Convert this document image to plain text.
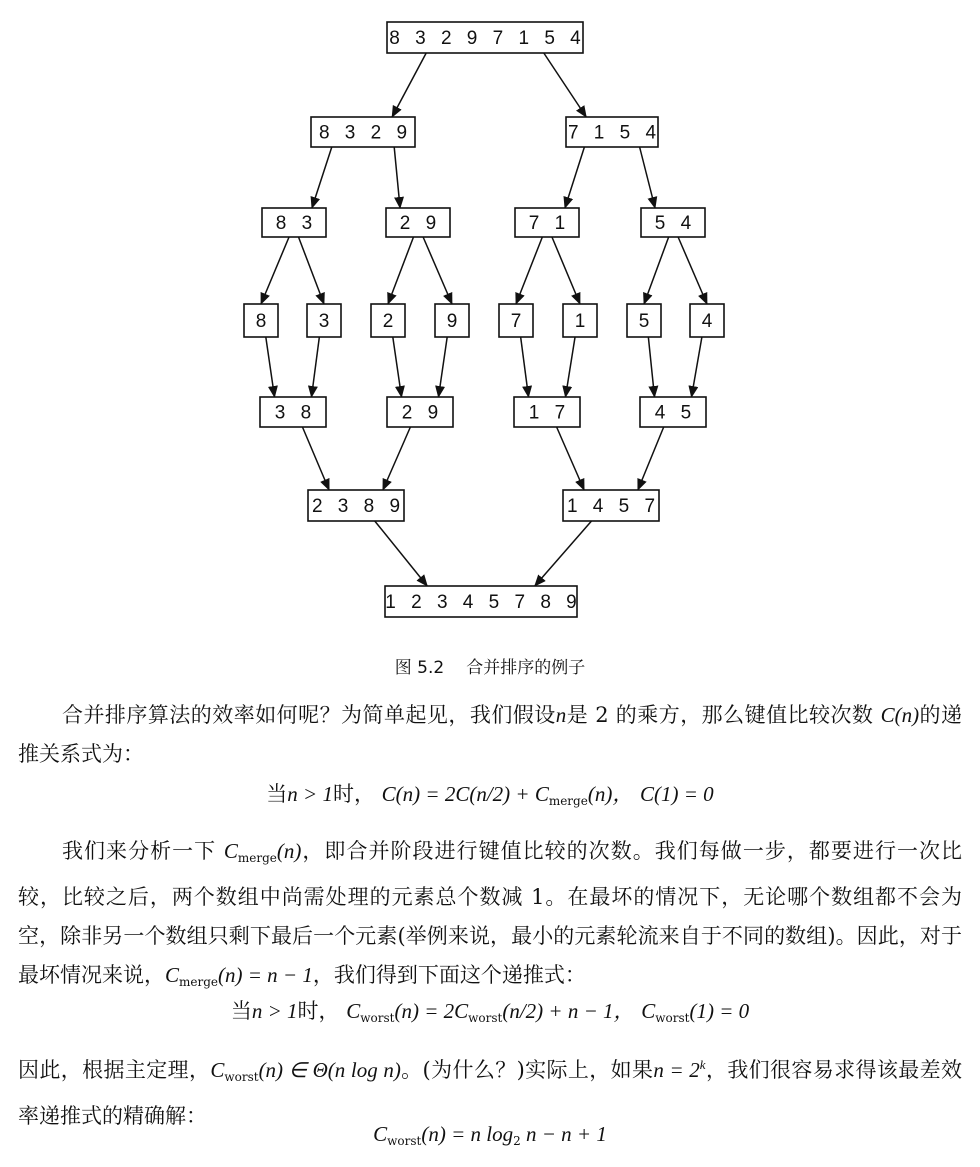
8 3 2 9 7 1 5 4
8 3 2 9	7 1 5 4
8 3	2 9	7 1	5 4
8 3	2	9	7	1	5 4
3 8	2 9	1 7	4 5
2 3 8 9	1 4 5 7
1 2 3 4 5 7 8 9
图 5.2 合并排序的例子
合并排序算法的效率如何呢？为简单起见，我们假设n是 2 的乘方，那么键值比较次数 C(n)的递推关系式为：
当n > 1时， $C(n) = 2C(n/2) + C_{merge}(n)$， C(1) = 0
我们来分析一下 $C_{merge}(n)$，即合并阶段进行键值比较的次数。我们每做一步，都要进行一次比较，比较之后，两个数组中尚需处理的元素总个数减 1。在最坏的情况下，无论哪个数组都不会为空，除非另一个数组只剩下最后一个元素(举例来说，最小的元素轮流来自于不同的数组)。因此，对于最坏情况来说，$C_{merge}(n) = n - 1$，我们得到下面这个递推式：
当n > 1时， $C_{worst}(n) = 2C_{worst}(n/2) + n - 1$， $C_{worst}(1) = 0$
因此，根据主定理，$C_{worst}(n)$ ∈ Θ(n log n)。(为什么？)实际上，如果$n = 2^k$，我们很容易求得该最差效率递推式的精确解：
$C_{worst}(n) = n$ $\log_2 n - n + 1$
